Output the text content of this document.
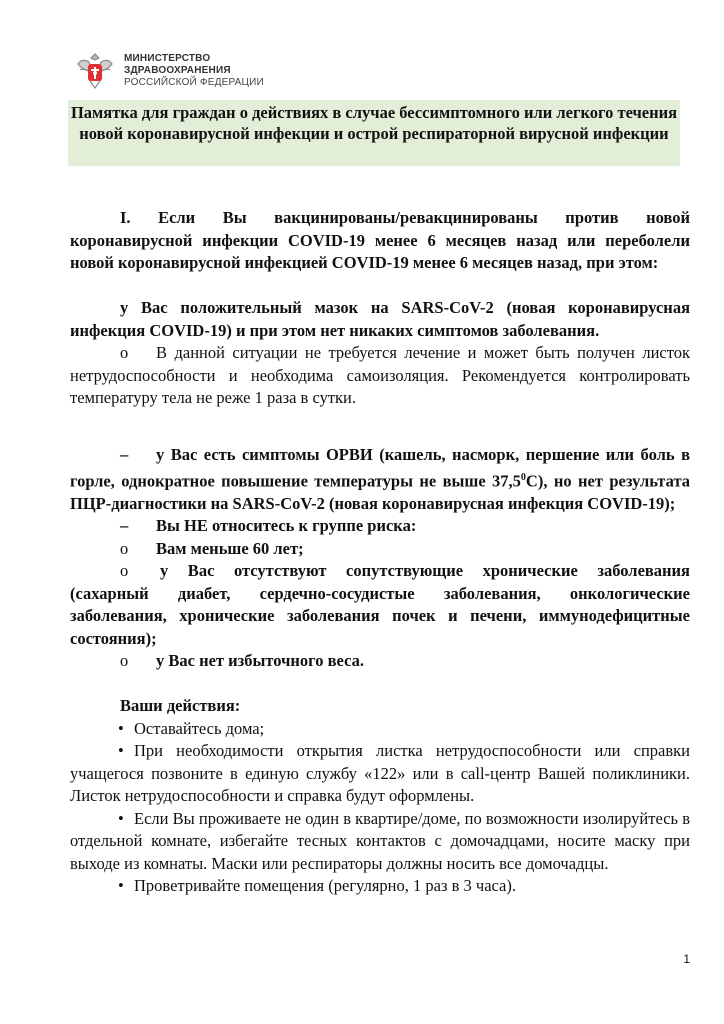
МИНИСТЕРСТВО
ЗДРАВООХРАНЕНИЯ
РОССИЙСКОЙ ФЕДЕРАЦИИ
Памятка для граждан о действиях в случае бессимптомного или легкого течения новой коронавирусной инфекции и острой респираторной вирусной инфекции

I. Если Вы вакцинированы/ревакцинированы против новой коронавирусной инфекции COVID-19 менее 6 месяцев назад или переболели новой коронавирусной инфекцией COVID-19 менее 6 месяцев назад, при этом:

у Вас положительный мазок на SARS-CoV-2 (новая коронавирусная инфекция COVID-19) и при этом нет никаких симптомов заболевания.

o	В данной ситуации не требуется лечение и может быть получен листок нетрудоспособности и необходима самоизоляция. Рекомендуется контролировать температуру тела не реже 1 раза в сутки.

– у Вас есть симптомы ОРВИ (кашель, насморк, першение или боль в горле, однократное повышение температуры не выше 37,5$^0$С), но нет результата ПЦР-диагностики на SARS-CoV-2 (новая коронавирусная инфекция COVID-19);

– Вы НЕ относитесь к группе риска:

o Вам меньше 60 лет;

o у Вас отсутствуют сопутствующие хронические заболевания (сахарный диабет, сердечно-сосудистые заболевания, онкологические заболевания, хронические заболевания почек и печени, иммунодефицитные состояния);

o у Вас нет избыточного веса.

Ваши действия:

• Оставайтесь дома;

• При необходимости открытия листка нетрудоспособности или справки учащегося позвоните в единую службу «122» или в call-центр Вашей поликлиники. Листок нетрудоспособности и справка будут оформлены.

• Если Вы проживаете не один в квартире/доме, по возможности изолируйтесь в отдельной комнате, избегайте тесных контактов с домочадцами, носите маску при выходе из комнаты. Маски или респираторы должны носить все домочадцы.

• Проветривайте помещения (регулярно, 1 раз в 3 часа).

1
